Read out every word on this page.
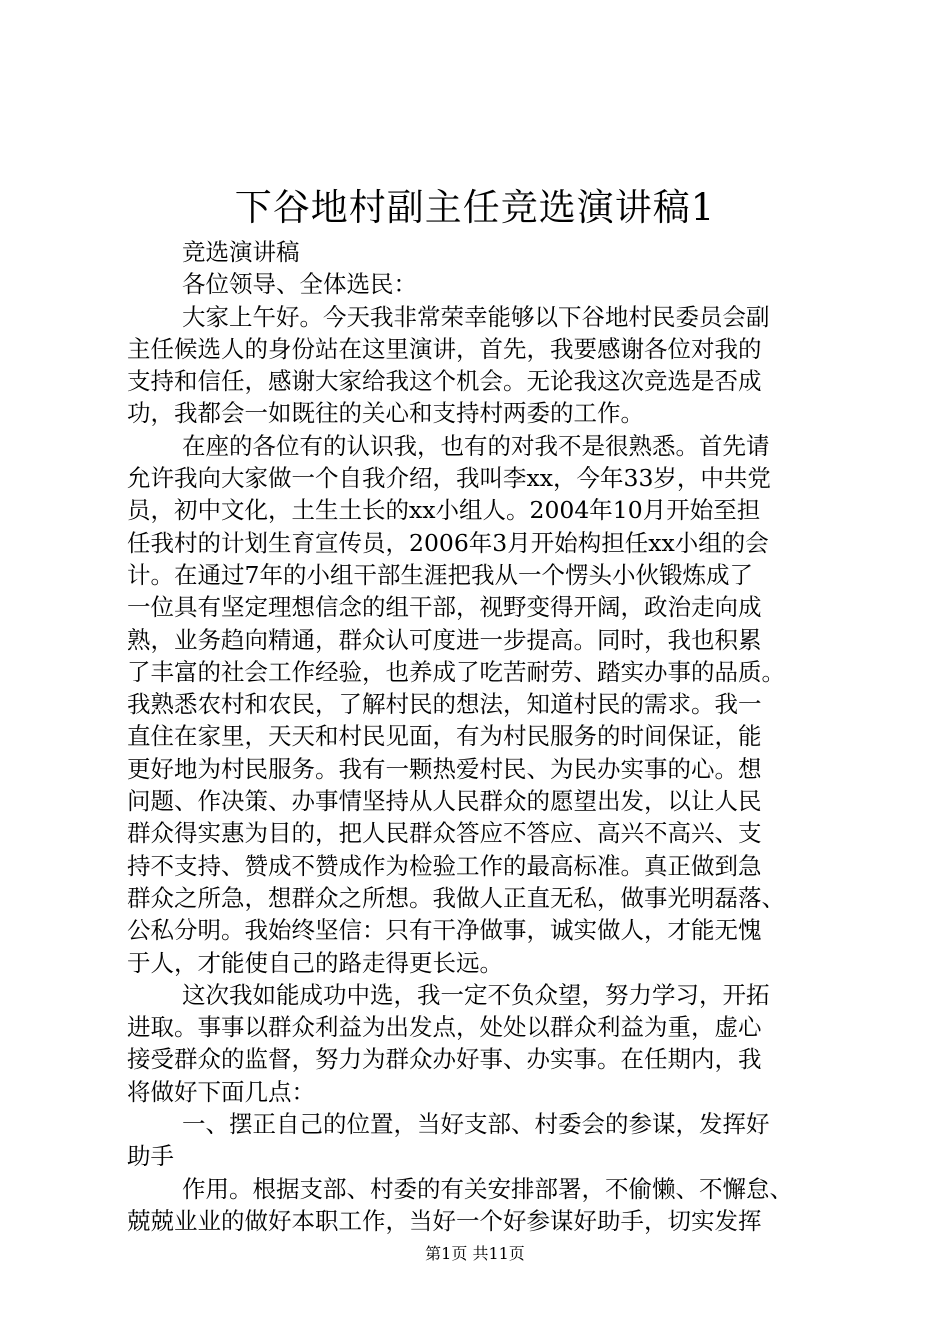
下谷地村副主任竞选演讲稿1
竞选演讲稿
各位领导、全体选民：
大家上午好。今天我非常荣幸能够以下谷地村民委员会副
主任候选人的身份站在这里演讲，首先，我要感谢各位对我的
支持和信任，感谢大家给我这个机会。无论我这次竞选是否成
功，我都会一如既往的关心和支持村两委的工作。
在座的各位有的认识我，也有的对我不是很熟悉。首先请
允许我向大家做一个自我介绍，我叫李xx，今年33岁，中共党
员，初中文化，土生土长的xx小组人。2004年10月开始至担
任我村的计划生育宣传员，2006年3月开始构担任xx小组的会
计。在通过7年的小组干部生涯把我从一个愣头小伙锻炼成了
一位具有坚定理想信念的组干部，视野变得开阔，政治走向成
熟，业务趋向精通，群众认可度进一步提高。同时，我也积累
了丰富的社会工作经验，也养成了吃苦耐劳、踏实办事的品质。
我熟悉农村和农民，了解村民的想法，知道村民的需求。我一
直住在家里，天天和村民见面，有为村民服务的时间保证，能
更好地为村民服务。我有一颗热爱村民、为民办实事的心。想
问题、作决策、办事情坚持从人民群众的愿望出发，以让人民
群众得实惠为目的，把人民群众答应不答应、高兴不高兴、支
持不支持、赞成不赞成作为检验工作的最高标准。真正做到急
群众之所急，想群众之所想。我做人正直无私，做事光明磊落、
公私分明。我始终坚信：只有干净做事，诚实做人，才能无愧
于人，才能使自己的路走得更长远。
这次我如能成功中选，我一定不负众望，努力学习，开拓
进取。事事以群众利益为出发点，处处以群众利益为重，虚心
接受群众的监督，努力为群众办好事、办实事。在任期内，我
将做好下面几点：
一、摆正自己的位置，当好支部、村委会的参谋，发挥好
助手
作用。根据支部、村委的有关安排部署，不偷懒、不懈怠、
兢兢业业的做好本职工作，当好一个好参谋好助手，切实发挥
第1页 共11页
